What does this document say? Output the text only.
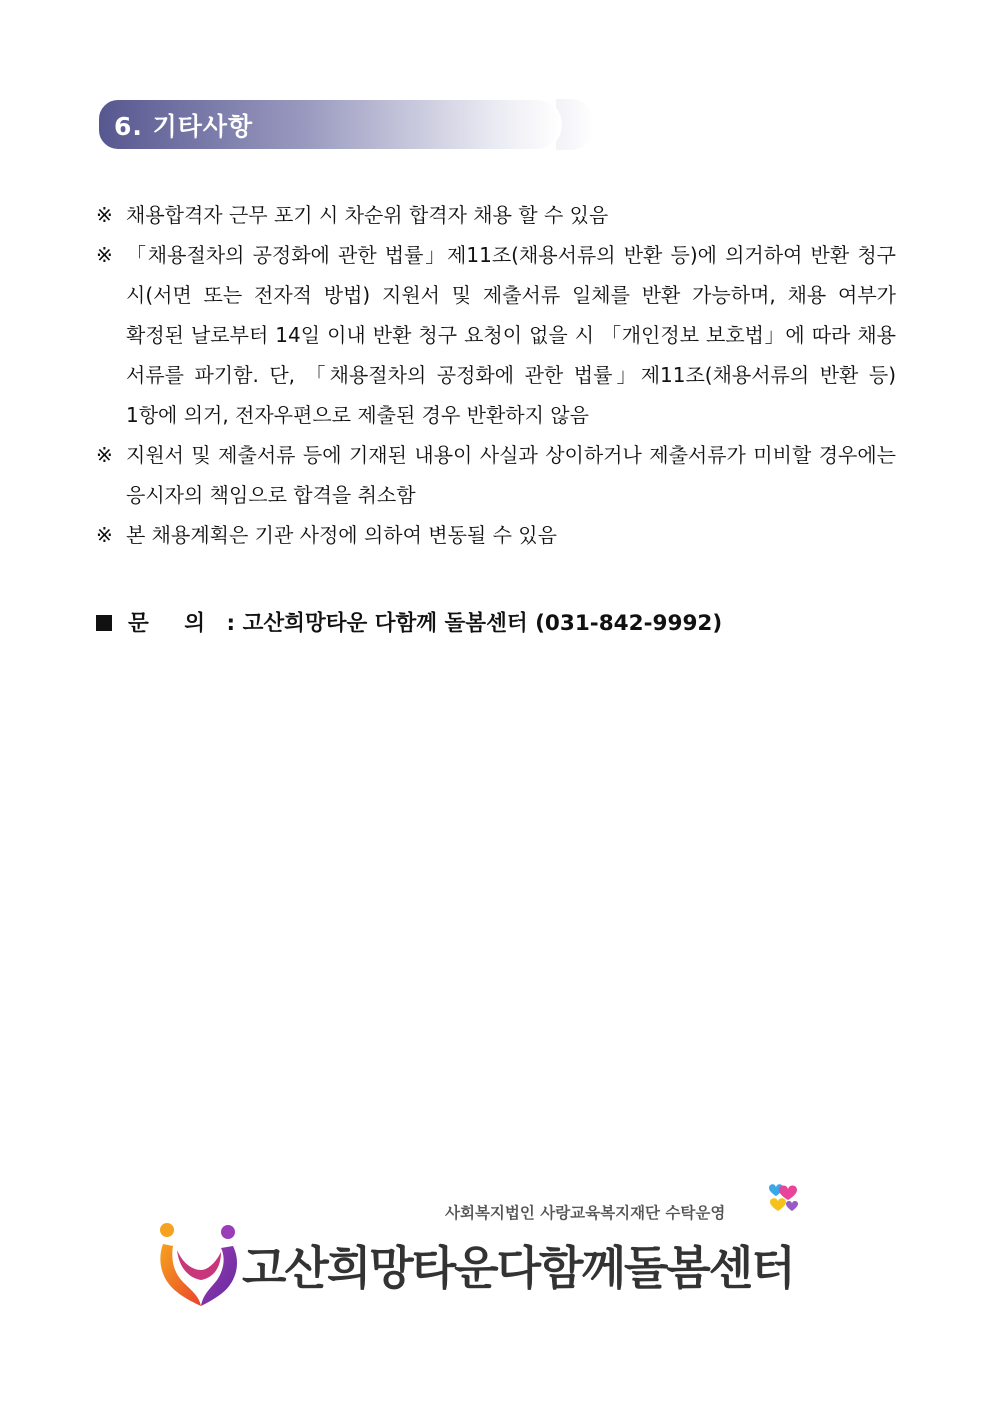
6. 기타사항
※ 채용합격자 근무 포기 시 차순위 합격자 채용 할 수 있음
※ 「채용절차의 공정화에 관한 법률」제11조(채용서류의 반환 등)에 의거하여 반환 청구 시(서면 또는 전자적 방법) 지원서 및 제출서류 일체를 반환 가능하며, 채용 여부가 확정된 날로부터 14일 이내 반환 청구 요청이 없을 시 「개인정보 보호법」에 따라 채용 서류를 파기함. 단, 「채용절차의 공정화에 관한 법률」제11조(채용서류의 반환 등) 1항에 의거, 전자우편으로 제출된 경우 반환하지 않음
※ 지원서 및 제출서류 등에 기재된 내용이 사실과 상이하거나 제출서류가 미비할 경우에는 응시자의 책임으로 합격을 취소함
※ 본 채용계획은 기관 사정에 의하여 변동될 수 있음
문 의 : 고산희망타운 다함께 돌봄센터 (031-842-9992)
사회복지법인 사랑교육복지재단 수탁운영
고산희망타운다함께돌봄센터
